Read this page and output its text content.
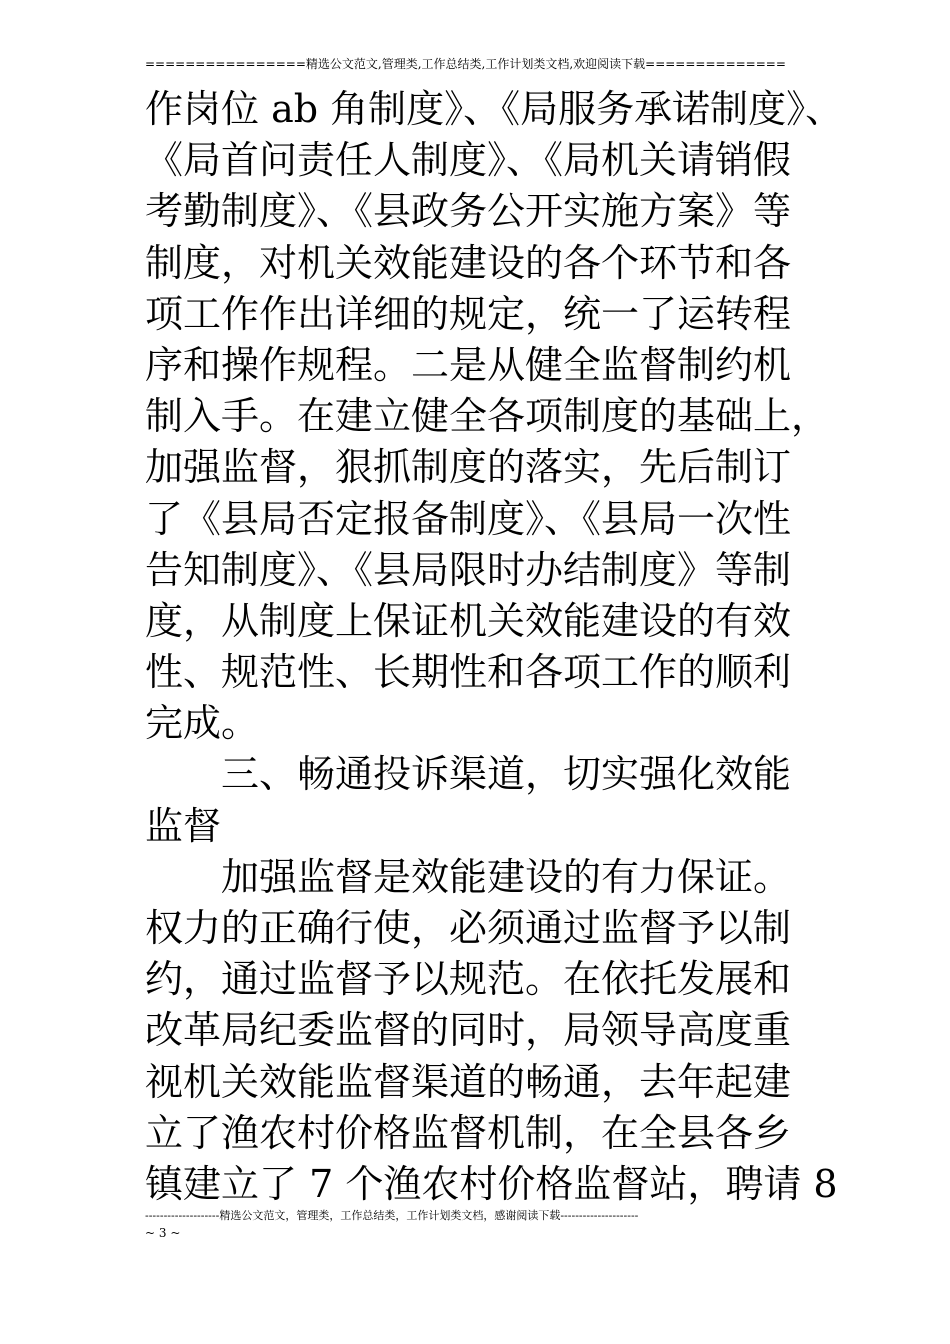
================精选公文范文,管理类,工作总结类,工作计划类文档,欢迎阅读下载==============
作岗位 ab 角制度》、《局服务承诺制度》、
《局首问责任人制度》、《局机关请销假
考勤制度》、《县政务公开实施方案》等
制度，对机关效能建设的各个环节和各
项工作作出详细的规定，统一了运转程
序和操作规程。二是从健全监督制约机
制入手。在建立健全各项制度的基础上，
加强监督，狠抓制度的落实，先后制订
了《县局否定报备制度》、《县局一次性
告知制度》、《县局限时办结制度》等制
度，从制度上保证机关效能建设的有效
性、规范性、长期性和各项工作的顺利
完成。
三、畅通投诉渠道，切实强化效能
监督
加强监督是效能建设的有力保证。
权力的正确行使，必须通过监督予以制
约，通过监督予以规范。在依托发展和
改革局纪委监督的同时，局领导高度重
视机关效能监督渠道的畅通，去年起建
立了渔农村价格监督机制，在全县各乡
镇建立了 7 个渔农村价格监督站，聘请 8
--------------------精选公文范文，管理类，工作总结类，工作计划类文档，感谢阅读下载---------------------
~ 3 ~
